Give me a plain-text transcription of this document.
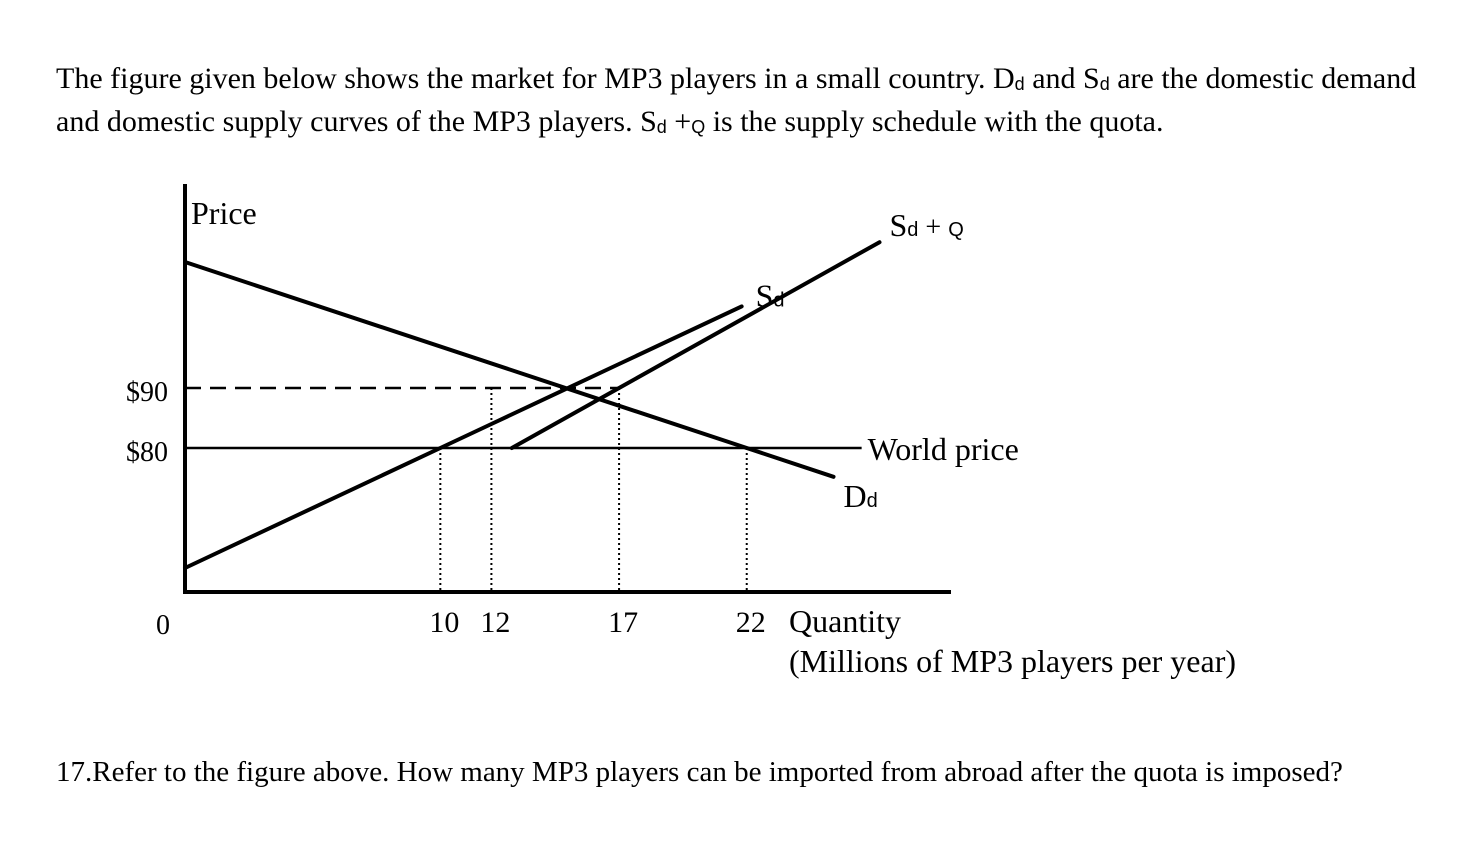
The figure given below shows the market for MP3 players in a small country. $D_d$ and $S_d$ are the domestic demand and domestic supply curves of the MP3 players. $S_d +_Q$ is the supply schedule with the quota.

World price
Sd
Sd + Q
Dd
Price
$90
$80
0	10 12	17	22 Quantity
(Millions of MP3 players per year)

17.Refer to the figure above. How many MP3 players can be imported from abroad after the quota is imposed?
